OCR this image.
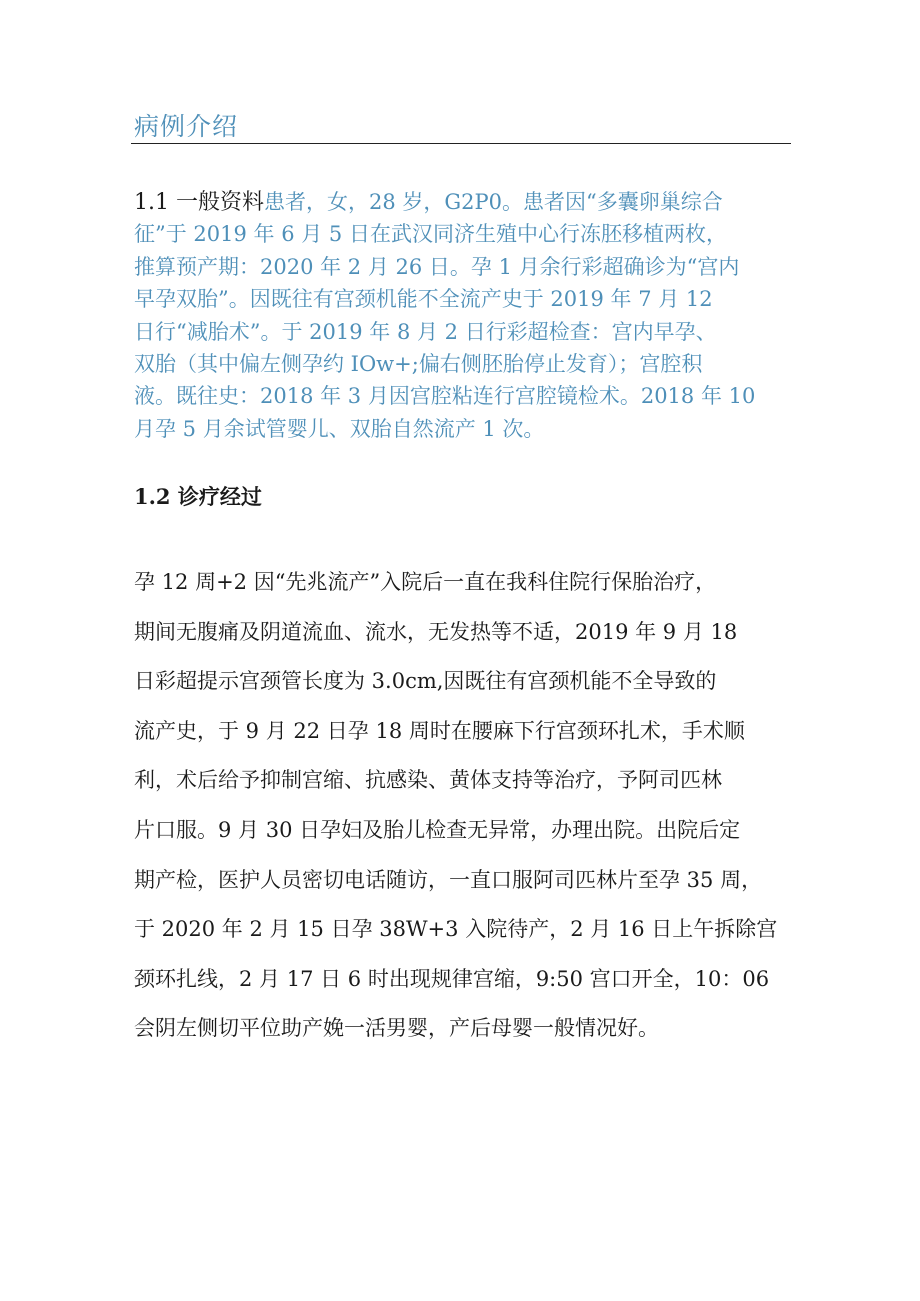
病例介绍

1.1 一般资料患者，女，28 岁，G2P0。患者因“多囊卵巢综合
征”于 2019 年 6 月 5 日在武汉同济生殖中心行冻胚移植两枚，
推算预产期：2020 年 2 月 26 日。孕 1 月余行彩超确诊为“宫内
早孕双胎”。因既往有宫颈机能不全流产史于 2019 年 7 月 12
日行“减胎术”。于 2019 年 8 月 2 日行彩超检查：宫内早孕、
双胎（其中偏左侧孕约 IOw+;偏右侧胚胎停止发育）；宫腔积
液。既往史：2018 年 3 月因宫腔粘连行宫腔镜检术。2018 年 10
月孕 5 月余试管婴儿、双胎自然流产 1 次。

1.2 诊疗经过

孕 12 周+2 因“先兆流产”入院后一直在我科住院行保胎治疗，
期间无腹痛及阴道流血、流水，无发热等不适，2019 年 9 月 18
日彩超提示宫颈管长度为 3.0cm,因既往有宫颈机能不全导致的
流产史，于 9 月 22 日孕 18 周时在腰麻下行宫颈环扎术，手术顺
利，术后给予抑制宫缩、抗感染、黄体支持等治疗，予阿司匹林
片口服。9 月 30 日孕妇及胎儿检查无异常，办理出院。出院后定
期产检，医护人员密切电话随访，一直口服阿司匹林片至孕 35 周，
于 2020 年 2 月 15 日孕 38W+3 入院待产，2 月 16 日上午拆除宫
颈环扎线，2 月 17 日 6 时出现规律宫缩，9:50 宫口开全，10：06
会阴左侧切平位助产娩一活男婴，产后母婴一般情况好。
